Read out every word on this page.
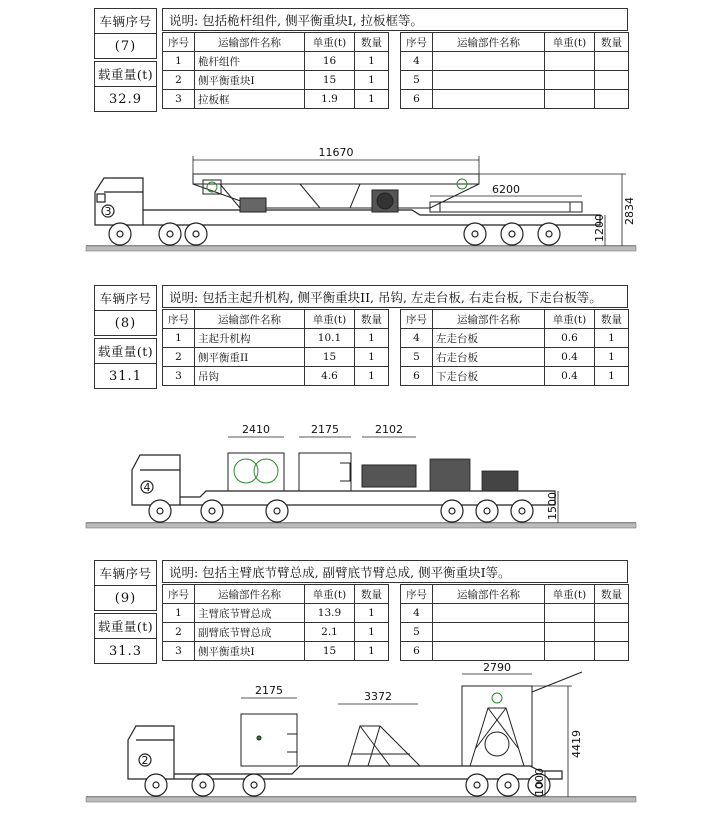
车辆序号
(7)
载重量(t)
32.9
说明: 包括桅杆组件, 侧平衡重块I, 拉板框等。
序号	运输部件名称	单重(t)	数量
1	桅杆组件	16	1
2	侧平衡重块I	15	1
3	拉板框	1.9	1
序号	运输部件名称	单重(t)	数量
4			
5			
6			
3
11670
6200
1200
2834
车辆序号
(8)
载重量(t)
31.1
说明: 包括主起升机构, 侧平衡重块II, 吊钩, 左走台板, 右走台板, 下走台板等。
序号	运输部件名称	单重(t)	数量
1	主起升机构	10.1	1
2	侧平衡重II	15	1
3	吊钩	4.6	1
序号	运输部件名称	单重(t)	数量
4	左走台板	0.6	1
5	右走台板	0.4	1
6	下走台板	0.4	1
4
2410	2175	2102
1500
车辆序号
(9)
载重量(t)
31.3
说明: 包括主臂底节臂总成, 副臂底节臂总成, 侧平衡重块I等。
序号	运输部件名称	单重(t)	数量
1	主臂底节臂总成	13.9	1
2	副臂底节臂总成	2.1	1
3	侧平衡重块I	15	1
序号	运输部件名称	单重(t)	数量
4			
5			
6			
2
2175	3372
2790
4419
1000
